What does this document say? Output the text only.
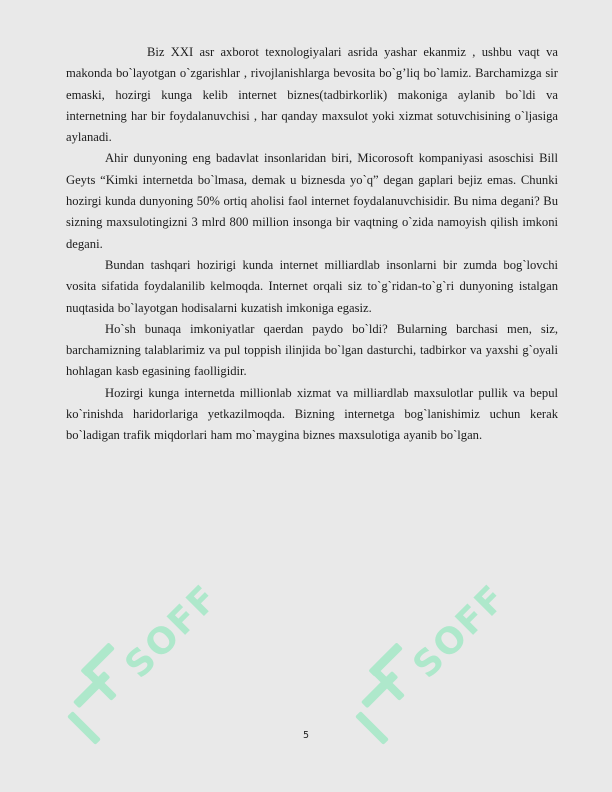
SOFF	SOFF

Biz XXI asr axborot texnologiyalari asrida yashar ekanmiz , ushbu vaqt va makonda bo`layotgan o`zgarishlar , rivojlanishlarga bevosita bo`g’liq bo`lamiz. Barchamizga sir emaski, hozirgi kunga kelib internet biznes(tadbirkorlik) makoniga aylanib bo`ldi va internetning har bir foydalanuvchisi , har qanday maxsulot yoki xizmat sotuvchisining o`ljasiga aylanadi.

Ahir dunyoning eng badavlat insonlaridan biri, Micorosoft kompaniyasi asoschisi Bill Geyts “Kimki internetda bo`lmasa, demak u biznesda yo`q” degan gaplari bejiz emas. Chunki hozirgi kunda dunyoning 50% ortiq aholisi faol internet foydalanuvchisidir. Bu nima degani? Bu sizning maxsulotingizni 3 mlrd 800 million insonga bir vaqtning o`zida namoyish qilish imkoni degani.

Bundan tashqari hozirigi kunda internet milliardlab insonlarni bir zumda bog`lovchi vosita sifatida foydalanilib kelmoqda. Internet orqali siz to`g`ridan-to`g`ri dunyoning istalgan nuqtasida bo`layotgan hodisalarni kuzatish imkoniga egasiz.

Ho`sh bunaqa imkoniyatlar qaerdan paydo bo`ldi? Bularning barchasi men, siz, barchamizning talablarimiz va pul toppish ilinjida bo`lgan dasturchi, tadbirkor va yaxshi g`oyali hohlagan kasb egasining faolligidir.

Hozirgi kunga internetda millionlab xizmat va milliardlab maxsulotlar pullik va bepul ko`rinishda haridorlariga yetkazilmoqda. Bizning internetga bog`lanishimiz uchun kerak bo`ladigan trafik miqdorlari ham mo`maygina biznes maxsulotiga ayanib bo`lgan.

5
